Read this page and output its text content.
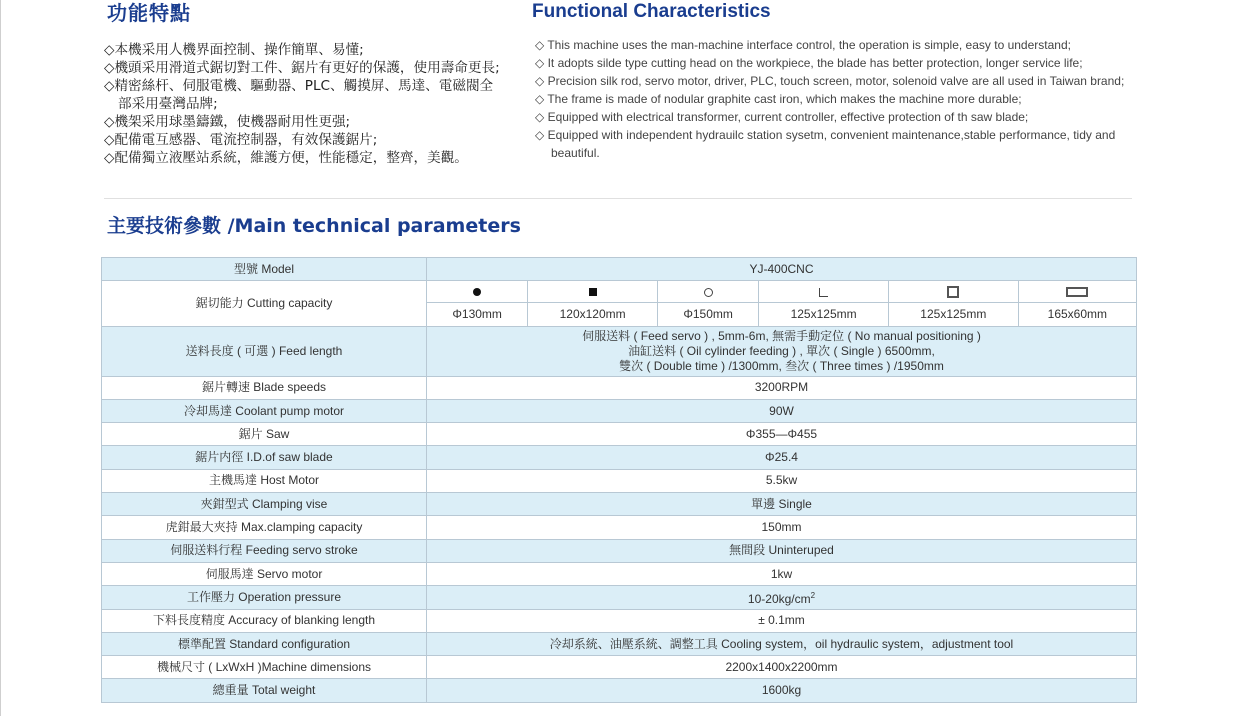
功能特點	Functional Characteristics
◇本機采用人機界面控制、操作簡單、易懂;
◇機頭采用滑道式鋸切對工件、鋸片有更好的保護，使用壽命更長;
◇精密絲杆、伺服電機、驅動器、PLC、觸摸屏、馬達、電磁閥全部采用臺灣品牌;
◇機架采用球墨鑄鐵，使機器耐用性更强;
◇配備電互感器、電流控制器，有效保護鋸片;
◇配備獨立液壓站系統，維護方便，性能穩定，整齊，美觀。
◇ This machine uses the man-machine interface control, the operation is simple, easy to understand;
◇ It adopts silde type cutting head on the workpiece, the blade has better protection, longer service life;
◇ Precision silk rod, servo motor, driver, PLC, touch screen, motor, solenoid valve are all used in Taiwan brand;
◇ The frame is made of nodular graphite cast iron, which makes the machine more durable;
◇ Equipped with electrical transformer, current controller, effective protection of th saw blade;
◇ Equipped with independent hydrauilc station sysetm, convenient maintenance,stable performance, tidy and beautiful.
主要技術參數 /Main technical parameters
型號 Model	YJ-400CNC					
鋸切能力 Cutting capacity						
	Φ130mm	120x120mm	Φ150mm	125x125mm	125x125mm	165x60mm
送料長度 ( 可選 ) Feed length	伺服送料 ( Feed servo ) , 5mm-6m, 無需手動定位 ( No manual positioning )
油缸送料 ( Oil cylinder feeding ) , 單次 ( Single ) 6500mm,
雙次 ( Double time ) /1300mm, 叁次 ( Three times ) /1950mm					

鋸片轉速 Blade speeds	3200RPM					
冷却馬達 Coolant pump motor	90W					
鋸片 Saw	Φ355—Φ455					
鋸片内徑 I.D.of saw blade	Φ25.4					
主機馬達 Host Motor	5.5kw					
夾鉗型式 Clamping vise	單邊 Single					
虎鉗最大夾持 Max.clamping capacity	150mm					
伺服送料行程 Feeding servo stroke	無間段 Uninteruped					
伺服馬達 Servo motor	1kw					
工作壓力 Operation pressure	$10-20kg/cm^2$
下料長度精度 Accuracy of blanking length	± 0.1mm					
標準配置 Standard configuration	冷却系統、油壓系統、調整工具 Cooling system，oil hydraulic system，adjustment tool					
機械尺寸 ( LxWxH )Machine dimensions	2200x1400x2200mm					
總重量 Total weight	1600kg					
